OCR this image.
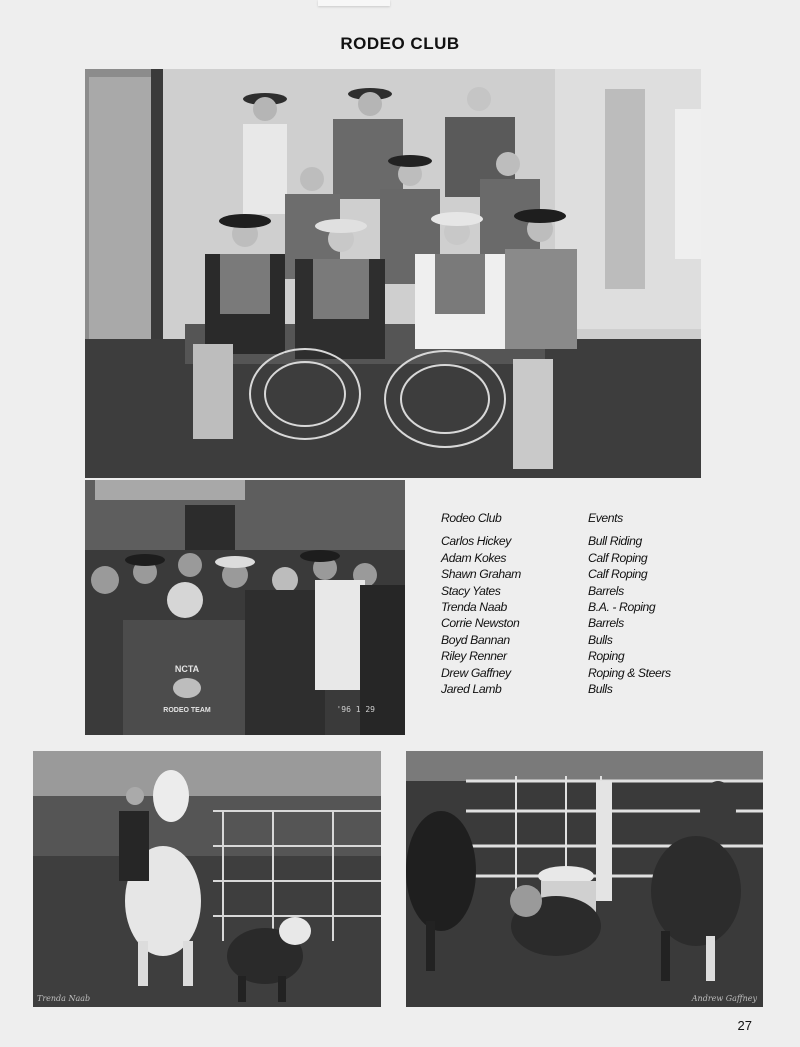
RODEO CLUB
NCTA
RODEO TEAM	'96 1 29
Rodeo Club
Carlos Hickey
Adam Kokes
Shawn Graham
Stacy Yates
Trenda Naab
Corrie Newston
Boyd Bannan
Riley Renner
Drew Gaffney
Jared Lamb
Events
Bull Riding
Calf Roping
Calf Roping
Barrels
B.A. - Roping
Barrels
Bulls
Roping
Roping & Steers
Bulls
Trenda Naab	Andrew Gaffney
27
